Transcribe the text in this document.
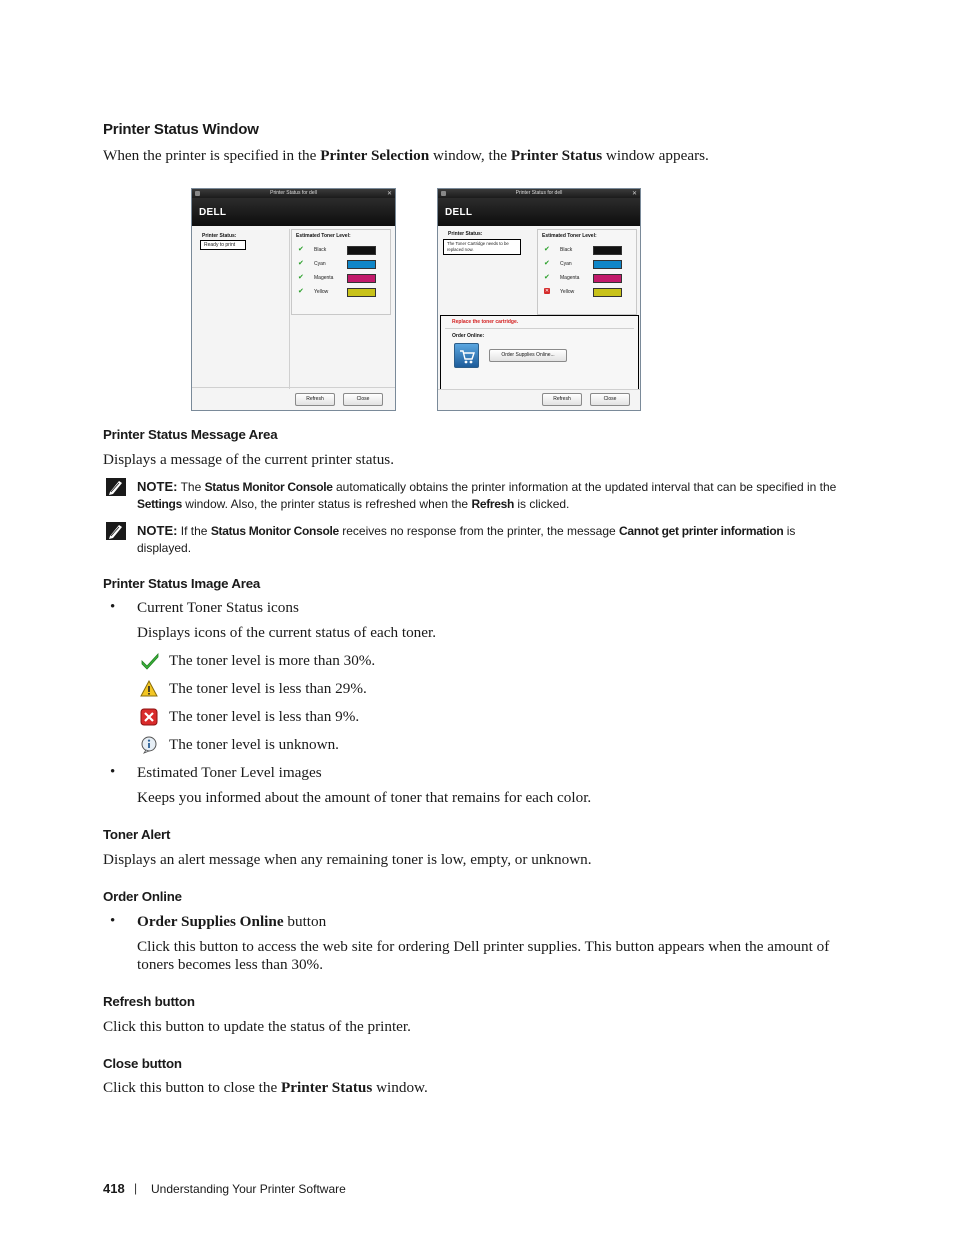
Printer Status Window
When the printer is specified in the Printer Selection window, the Printer Status window appears.
Printer Status for dell	✕
DELL
Printer Status:
Ready to print
Estimated Toner Level:
✔ Black
✔ Cyan
✔ Magenta
✔ Yellow
Refresh	Close
Printer Status for dell	✕
DELL
Printer Status:
The Toner Cartridge needs to be replaced now.
Estimated Toner Level:
✔ Black
✔ Cyan
✔ Magenta
✕ Yellow
Replace the toner cartridge.
Order Online:
Order Supplies Online...
Refresh	Close
Printer Status Message Area
Displays a message of the current printer status.
NOTE: The Status Monitor Console automatically obtains the printer information at the updated interval that can be specified in the Settings window. Also, the printer status is refreshed when the Refresh is clicked.
NOTE: If the Status Monitor Console receives no response from the printer, the message Cannot get printer information is displayed.
Printer Status Image Area
• Current Toner Status icons
Displays icons of the current status of each toner.
The toner level is more than 30%.
The toner level is less than 29%.
The toner level is less than 9%.
The toner level is unknown.
• Estimated Toner Level images
Keeps you informed about the amount of toner that remains for each color.
Toner Alert
Displays an alert message when any remaining toner is low, empty, or unknown.
Order Online
• Order Supplies Online button
Click this button to access the web site for ordering Dell printer supplies. This button appears when the amount of toners becomes less than 30%.
Refresh button
Click this button to update the status of the printer.
Close button
Click this button to close the Printer Status window.
418 | Understanding Your Printer Software
